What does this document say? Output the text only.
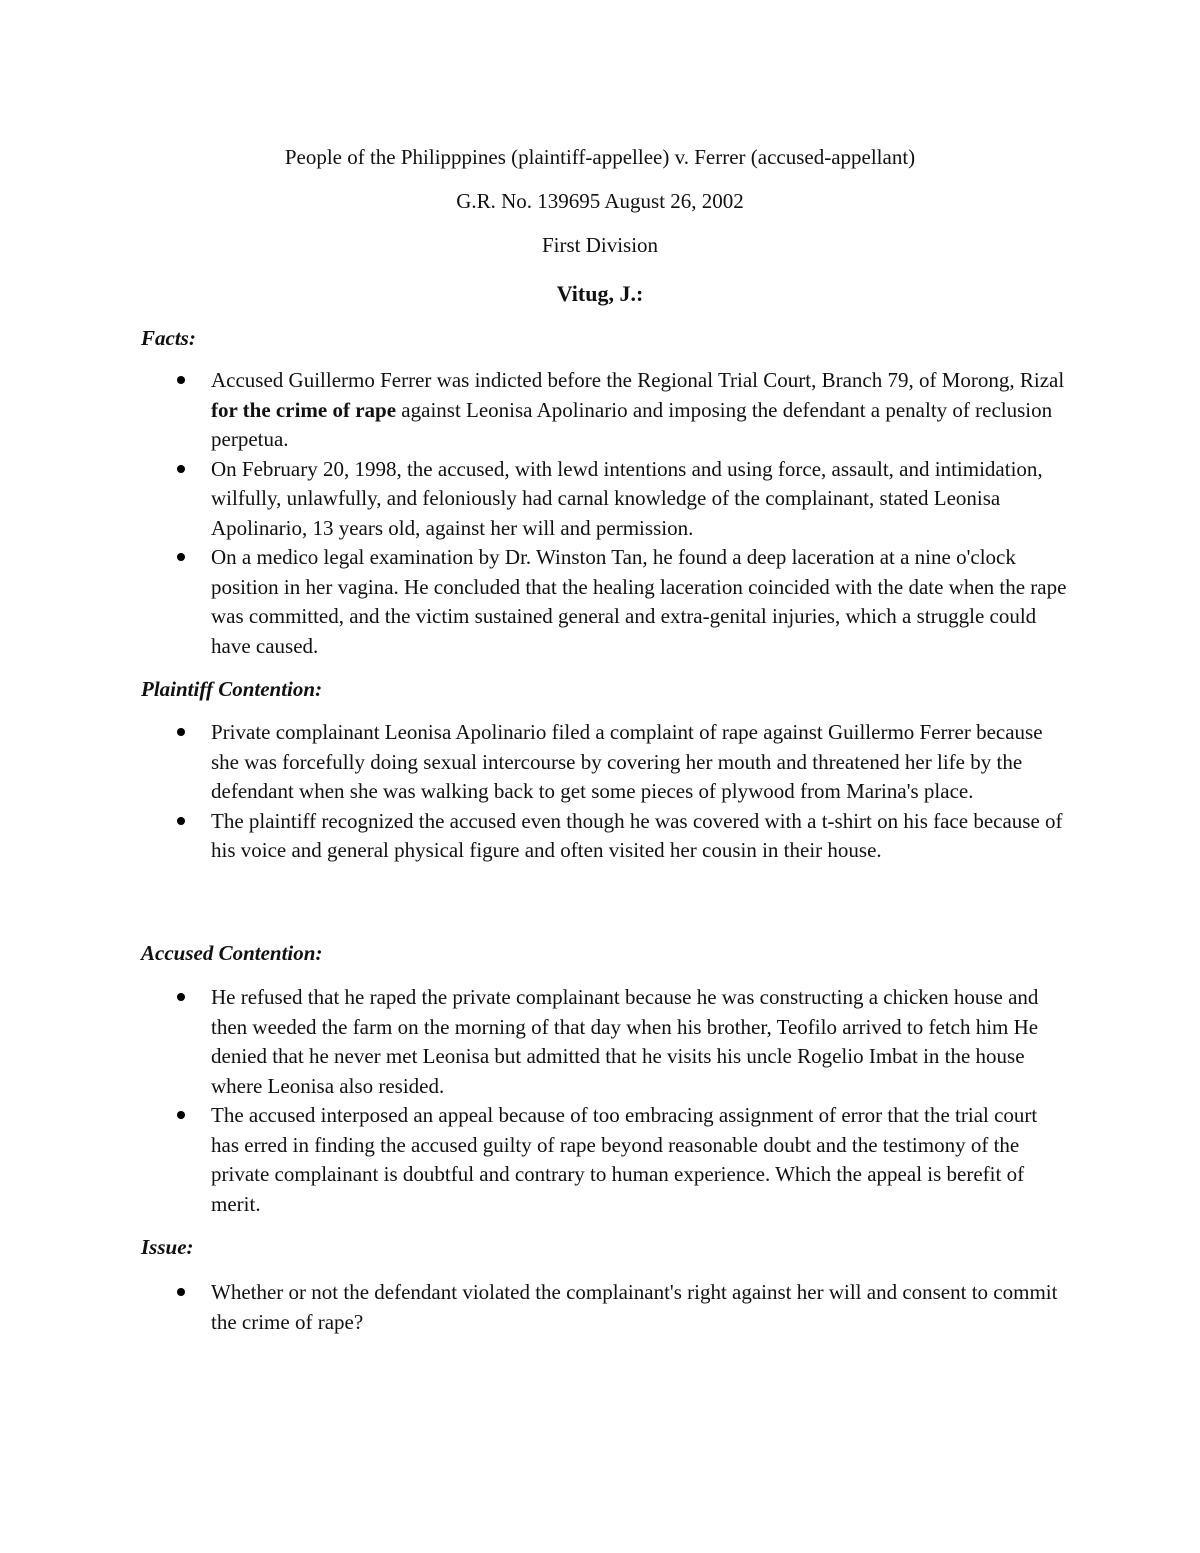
People of the Philipppines (plaintiff-appellee) v. Ferrer (accused-appellant)
G.R. No. 139695 August 26, 2002
First Division
Vitug, J.:
Facts:
Accused Guillermo Ferrer was indicted before the Regional Trial Court, Branch 79, of Morong, Rizal for the crime of rape against Leonisa Apolinario and imposing the defendant a penalty of reclusion perpetua.
On February 20, 1998, the accused, with lewd intentions and using force, assault, and intimidation, wilfully, unlawfully, and feloniously had carnal knowledge of the complainant, stated Leonisa Apolinario, 13 years old, against her will and permission.
On a medico legal examination by Dr. Winston Tan, he found a deep laceration at a nine o'clock position in her vagina. He concluded that the healing laceration coincided with the date when the rape was committed, and the victim sustained general and extra-genital injuries, which a struggle could have caused.
Plaintiff Contention:
Private complainant Leonisa Apolinario filed a complaint of rape against Guillermo Ferrer because she was forcefully doing sexual intercourse by covering her mouth and threatened her life by the defendant when she was walking back to get some pieces of plywood from Marina's place.
The plaintiff recognized the accused even though he was covered with a t-shirt on his face because of his voice and general physical figure and often visited her cousin in their house.
Accused Contention:
He refused that he raped the private complainant because he was constructing a chicken house and then weeded the farm on the morning of that day when his brother, Teofilo arrived to fetch him He denied that he never met Leonisa but admitted that he visits his uncle Rogelio Imbat in the house where Leonisa also resided.
The accused interposed an appeal because of too embracing assignment of error that the trial court has erred in finding the accused guilty of rape beyond reasonable doubt and the testimony of the private complainant is doubtful and contrary to human experience. Which the appeal is berefit of merit.
Issue:
Whether or not the defendant violated the complainant's right against her will and consent to commit the crime of rape?
